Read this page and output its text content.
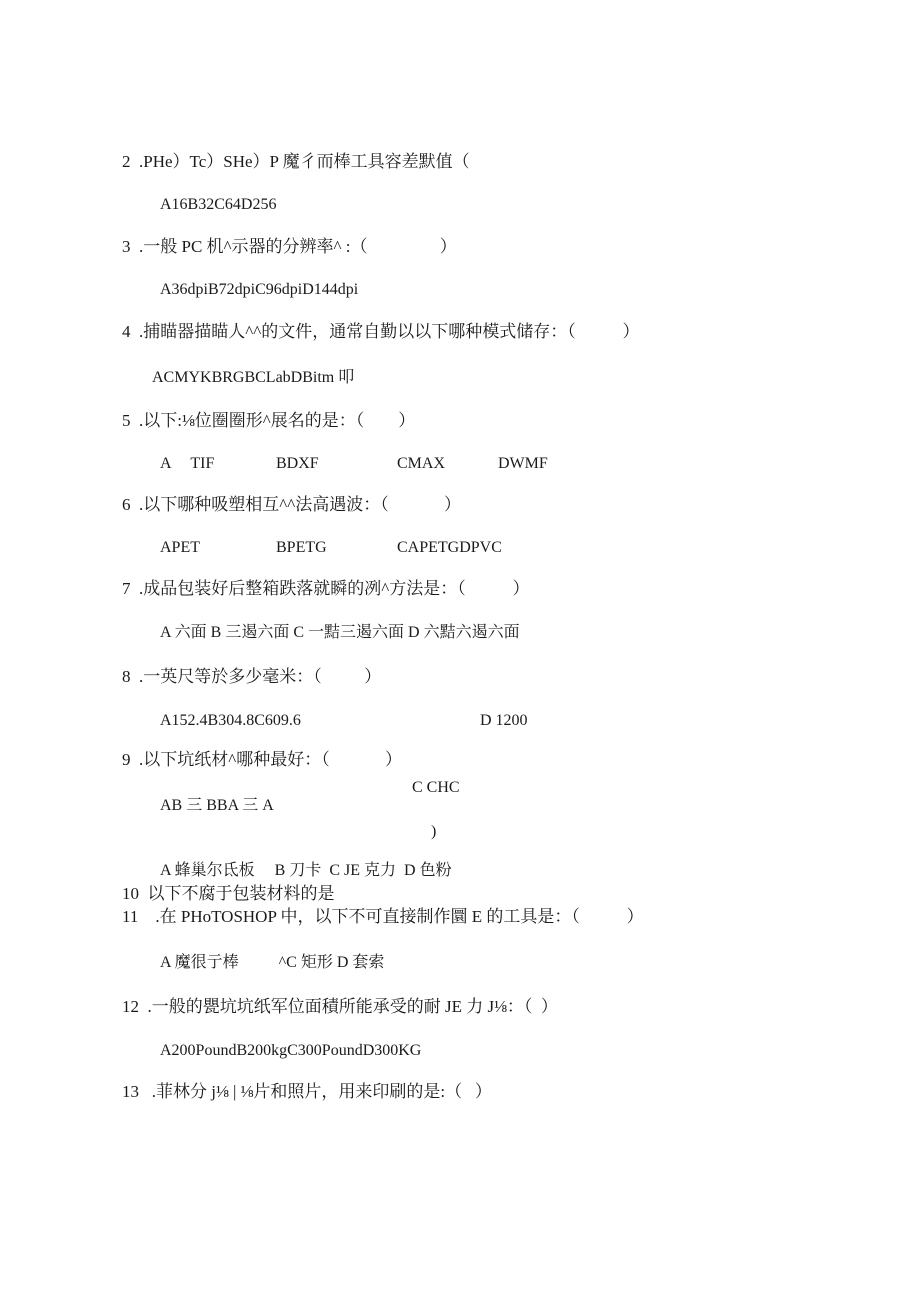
2  .PHe）Tc）SHe）P 魔彳而棒工具容差默值（
A16B32C64D256
3  .一般 PC 机^示器的分辨率^ :（                 ）
A36dpiB72dpiC96dpiD144dpi
4  .捕瞄器描瞄人^^的文件，通常自勤以以下哪种模式储存：（           ）
ACMYKBRGBCLabDBitm 叩
5  .以下:⅛位圈圈形^展名的是：（        ）
A     TIF	BDXF	CMAX	DWMF
6  .以下哪种吸塑相互^^法高遇波：（             ）
APET	BPETG	CAPETGDPVC
7  .成品包装好后整箱跌落就瞬的冽^方法是：（           ）
A 六面 B 三遏六面 C 一黠三遏六面 D 六黠六遏六面
8  .一英尺等於多少毫米：（          ）
A152.4B304.8C609.6	D 1200
9  .以下坑纸材^哪种最好：（             ）
C CHC
AB 三 BBA 三 A
)
A 蜂巢尔氐板     B 刀卡  C JE 克力  D 色粉
10  以下不腐于包装材料的是
11    .在 PHoTOSHOP 中，以下不可直接制作圜 E 的工具是：（           ）
A 魔很亍棒          ^C 矩形 D 套索
12  .一般的甖坑坑纸军位面積所能承受的耐 JE 力 J⅛：（  ）
A200PoundB200kgC300PoundD300KG
13   .菲林分 j⅛ | ⅛片和照片，用来印刷的是:（   ）
